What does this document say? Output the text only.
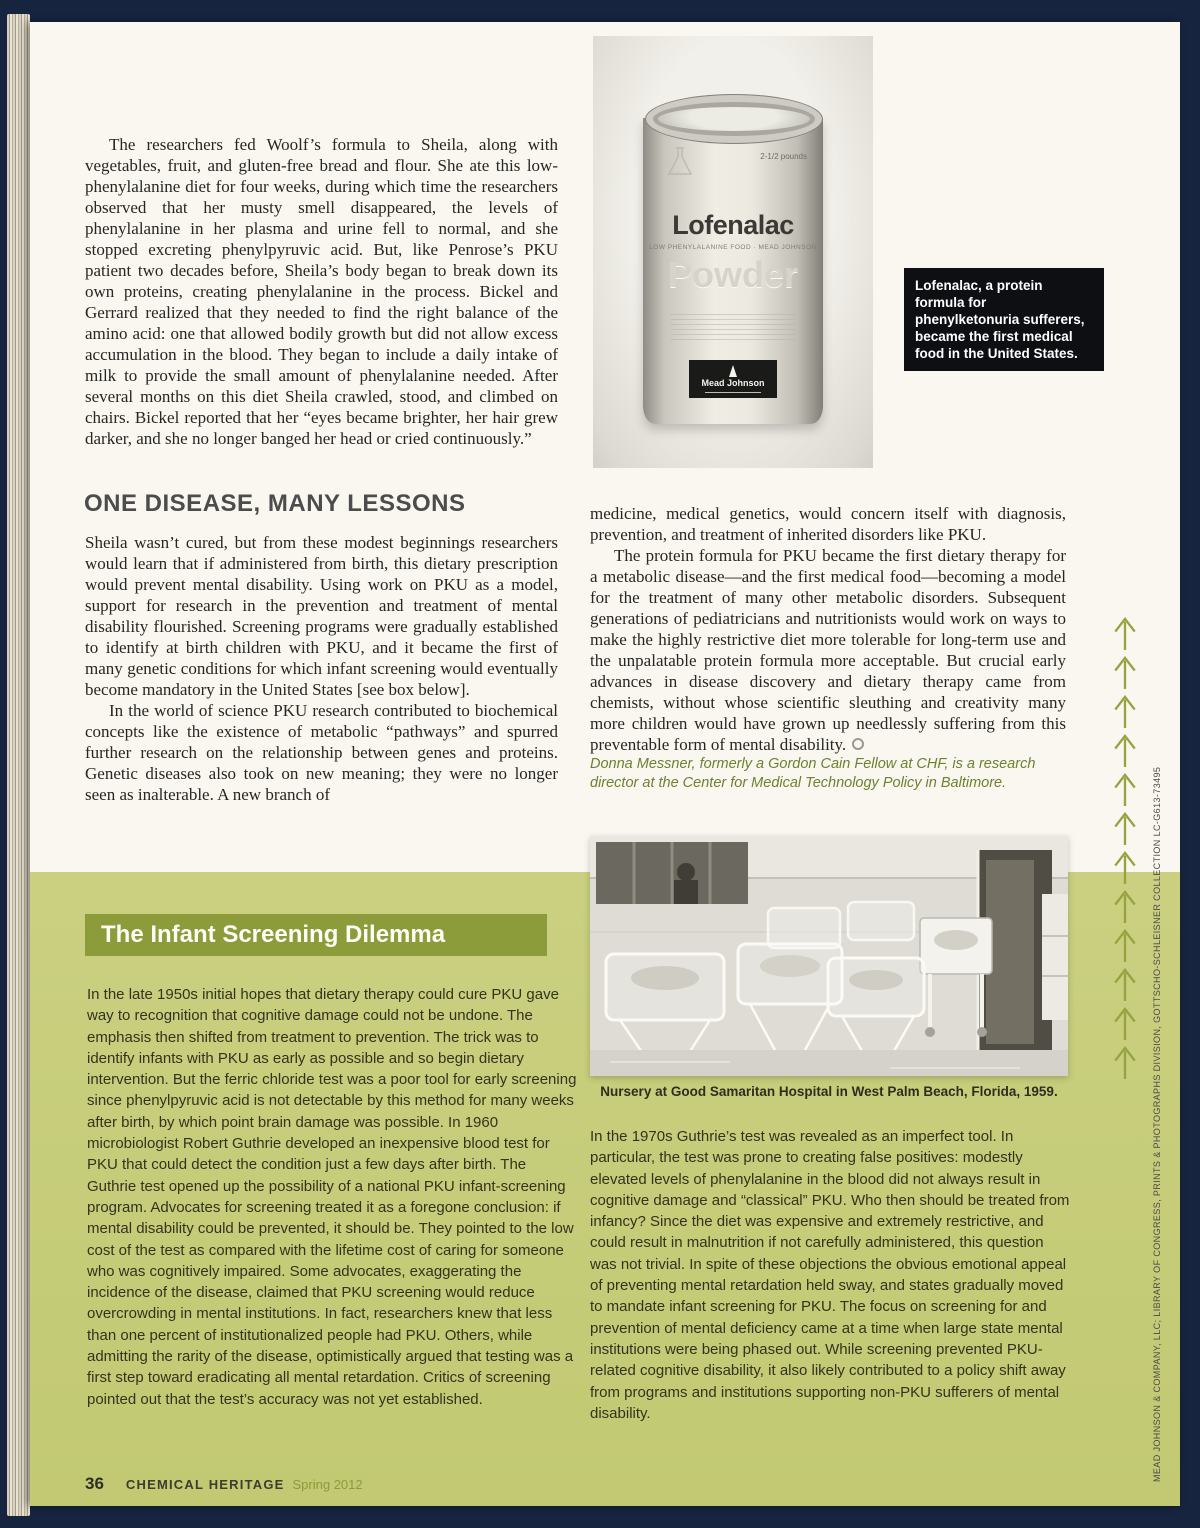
The researchers fed Woolf’s formula to Sheila, along with vegetables, fruit, and gluten-free bread and flour. She ate this low-phenylalanine diet for four weeks, during which time the researchers observed that her musty smell disappeared, the levels of phenylalanine in her plasma and urine fell to normal, and she stopped excreting phenylpyruvic acid. But, like Penrose’s PKU patient two decades before, Sheila’s body began to break down its own proteins, creating phenylalanine in the process. Bickel and Gerrard realized that they needed to find the right balance of the amino acid: one that allowed bodily growth but did not allow excess accumulation in the blood. They began to include a daily intake of milk to provide the small amount of phenylalanine needed. After several months on this diet Sheila crawled, stood, and climbed on chairs. Bickel reported that her “eyes became brighter, her hair grew darker, and she no longer banged her head or cried continuously.”

ONE DISEASE, MANY LESSONS

Sheila wasn’t cured, but from these modest beginnings researchers would learn that if administered from birth, this dietary prescription would prevent mental disability. Using work on PKU as a model, support for research in the prevention and treatment of mental disability flourished. Screening programs were gradually established to identify at birth children with PKU, and it became the first of many genetic conditions for which infant screening would eventually become mandatory in the United States [see box below].

In the world of science PKU research contributed to biochemical concepts like the existence of metabolic “pathways” and spurred further research on the relationship between genes and proteins. Genetic diseases also took on new meaning; they were no longer seen as inalterable. A new branch of

medicine, medical genetics, would concern itself with diagnosis, prevention, and treatment of inherited disorders like PKU.

The protein formula for PKU became the first dietary therapy for a metabolic disease—and the first medical food—becoming a model for the treatment of many other metabolic disorders. Subsequent generations of pediatricians and nutritionists would work on ways to make the highly restrictive diet more tolerable for long-term use and the unpalatable protein formula more acceptable. But crucial early advances in disease discovery and dietary therapy came from chemists, without whose scientific sleuthing and creativity many more children would have grown up needlessly suffering from this preventable form of mental disability.

Donna Messner, formerly a Gordon Cain Fellow at CHF, is a research director at the Center for Medical Technology Policy in Baltimore.

2-1/2 pounds
Lofenalac
LOW PHENYLALANINE FOOD · MEAD JOHNSON
Powder
Mead Johnson
Lofenalac, a protein formula for phenylketonuria sufferers, became the first medical food in the United States.
The Infant Screening Dilemma
In the late 1950s initial hopes that dietary therapy could cure PKU gave way to recognition that cognitive damage could not be undone. The emphasis then shifted from treatment to prevention. The trick was to identify infants with PKU as early as possible and so begin dietary intervention. But the ferric chloride test was a poor tool for early screening since phenylpyruvic acid is not detectable by this method for many weeks after birth, by which point brain damage was possible. In 1960 microbiologist Robert Guthrie developed an inexpensive blood test for PKU that could detect the condition just a few days after birth. The Guthrie test opened up the possibility of a national PKU infant-screening program. Advocates for screening treated it as a foregone conclusion: if mental disability could be prevented, it should be. They pointed to the low cost of the test as compared with the lifetime cost of caring for someone who was cognitively impaired. Some advocates, exaggerating the incidence of the disease, claimed that PKU screening would reduce overcrowding in mental institutions. In fact, researchers knew that less than one percent of institutionalized people had PKU. Others, while admitting the rarity of the disease, optimistically argued that testing was a first step toward eradicating all mental retardation. Critics of screening pointed out that the test’s accuracy was not yet established.
Nursery at Good Samaritan Hospital in West Palm Beach, Florida, 1959.
In the 1970s Guthrie’s test was revealed as an imperfect tool. In particular, the test was prone to creating false positives: modestly elevated levels of phenylalanine in the blood did not always result in cognitive damage and “classical” PKU. Who then should be treated from infancy? Since the diet was expensive and extremely restrictive, and could result in malnutrition if not carefully administered, this question was not trivial. In spite of these objections the obvious emotional appeal of preventing mental retardation held sway, and states gradually moved to mandate infant screening for PKU. The focus on screening for and prevention of mental deficiency came at a time when large state mental institutions were being phased out. While screening prevented PKU-related cognitive disability, it also likely contributed to a policy shift away from programs and institutions supporting non-PKU sufferers of mental disability.	MEAD JOHNSON & COMPANY, LLC; LIBRARY OF CONGRESS, PRINTS & PHOTOGRAPHS DIVISION, GOTTSCHO-SCHLEISNER COLLECTION LC-G613-73495
36 CHEMICAL HERITAGE Spring 2012
